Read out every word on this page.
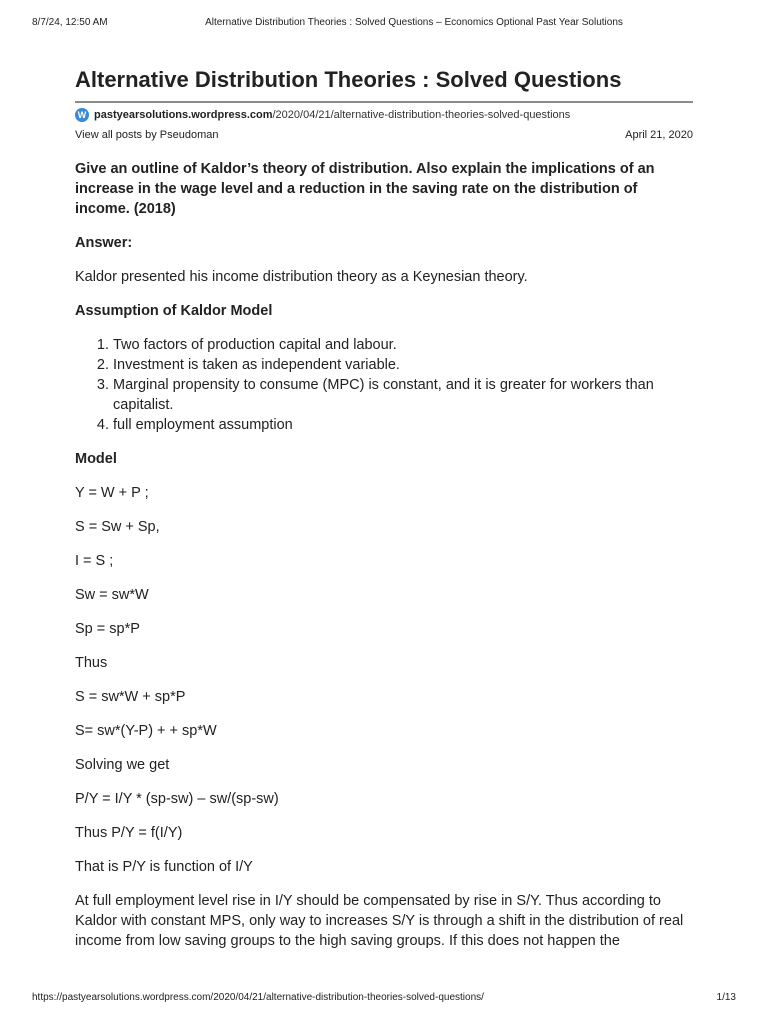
8/7/24, 12:50 AM	Alternative Distribution Theories : Solved Questions – Economics Optional Past Year Solutions
Alternative Distribution Theories : Solved Questions
W pastyearsolutions.wordpress.com/2020/04/21/alternative-distribution-theories-solved-questions
View all posts by Pseudoman	April 21, 2020

Give an outline of Kaldor’s theory of distribution. Also explain the implications of an increase in the wage level and a reduction in the saving rate on the distribution of income. (2018)

Answer:

Kaldor presented his income distribution theory as a Keynesian theory.

Assumption of Kaldor Model

1. Two factors of production capital and labour.
2. Investment is taken as independent variable.
3. Marginal propensity to consume (MPC) is constant, and it is greater for workers than capitalist.
4. full employment assumption

Model

Y = W + P ;

S = Sw + Sp,

I = S ;

Sw = sw*W

Sp = sp*P

Thus

S = sw*W + sp*P

S= sw*(Y-P) + + sp*W

Solving we get

P/Y = I/Y * (sp-sw) – sw/(sp-sw)

Thus P/Y = f(I/Y)

That is P/Y is function of I/Y

At full employment level rise in I/Y should be compensated by rise in S/Y. Thus according to Kaldor with constant MPS, only way to increases S/Y is through a shift in the distribution of real income from low saving groups to the high saving groups. If this does not happen the

https://pastyearsolutions.wordpress.com/2020/04/21/alternative-distribution-theories-solved-questions/	1/13
